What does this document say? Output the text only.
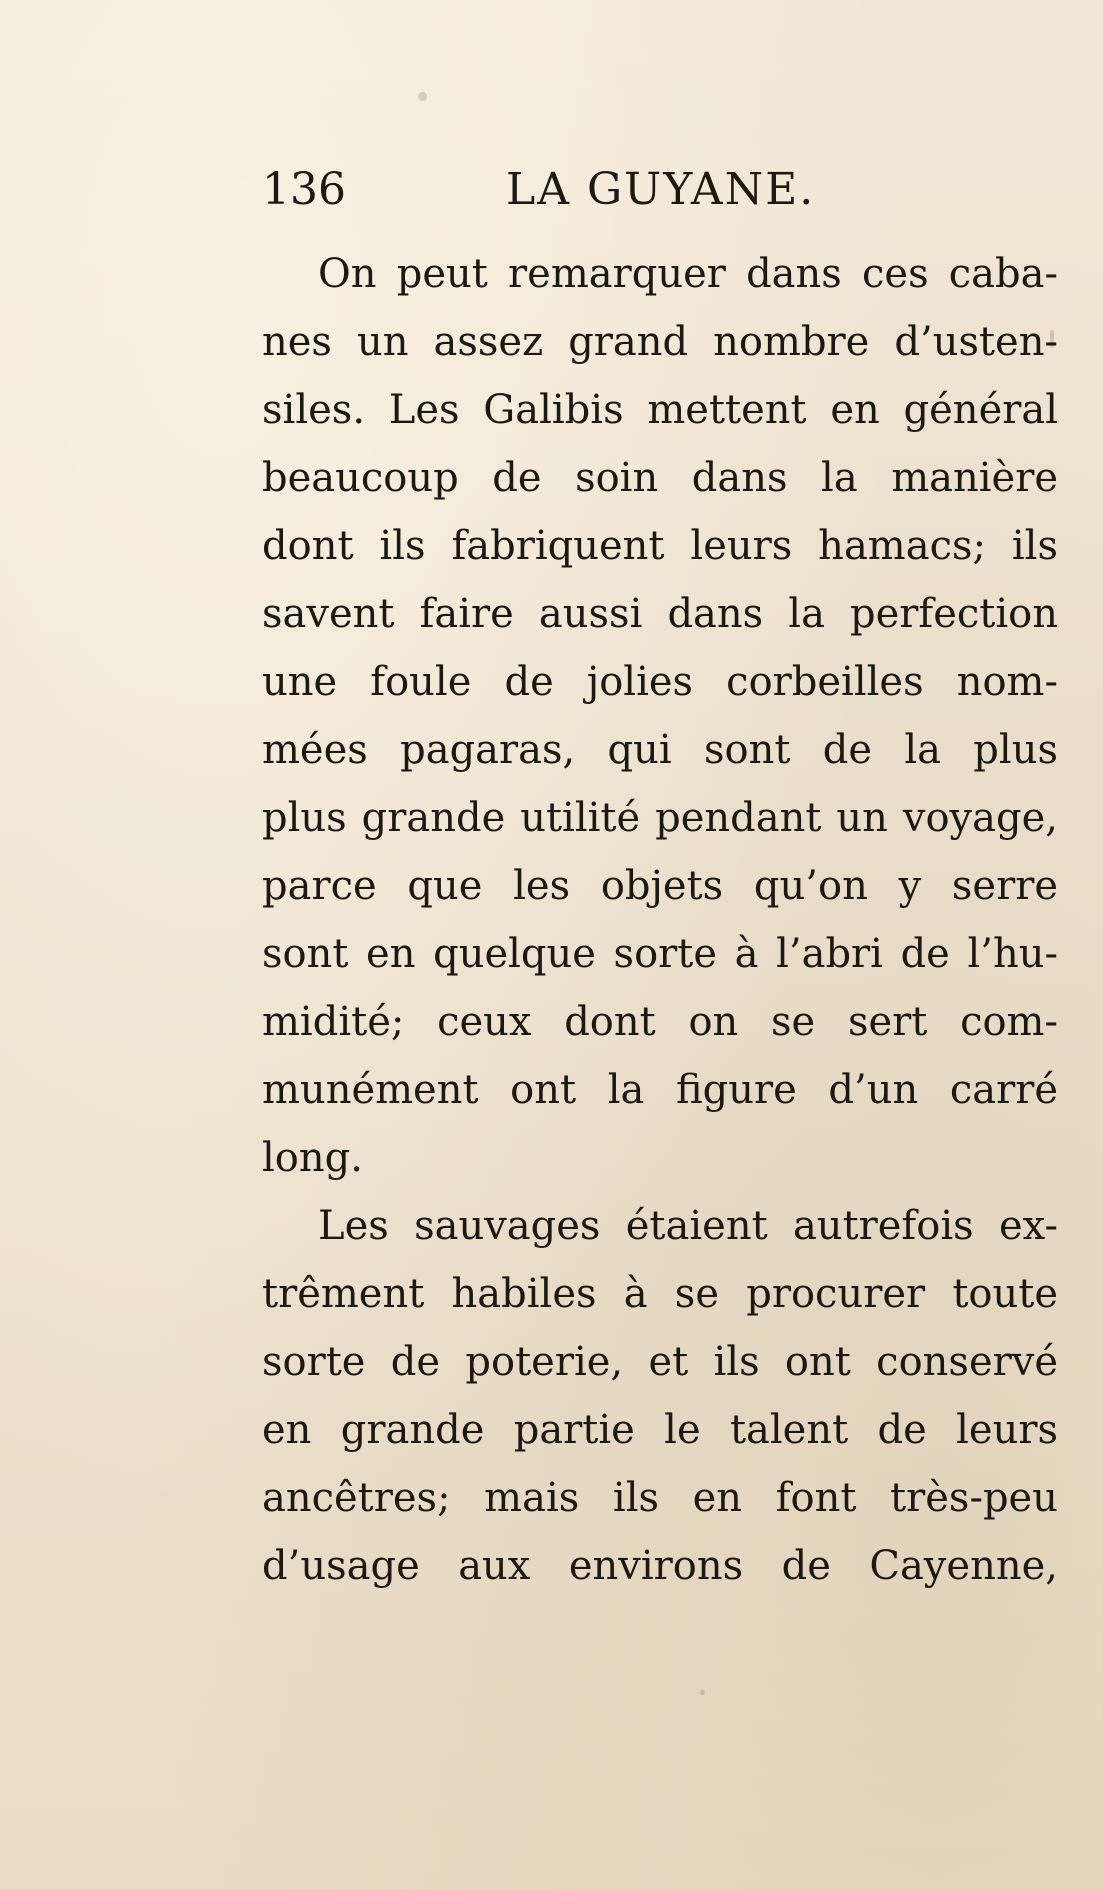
136	LA GUYANE.
On peut remarquer dans ces caba-
nes un assez grand nombre d’usten-
siles. Les Galibis mettent en général
beaucoup de soin dans la manière
dont ils fabriquent leurs hamacs; ils
savent faire aussi dans la perfection
une foule de jolies corbeilles nom-
mées pagaras, qui sont de la plus
plus grande utilité pendant un voyage,
parce que les objets qu’on y serre
sont en quelque sorte à l’abri de l’hu-
midité; ceux dont on se sert com-
munément ont la figure d’un carré
long.
Les sauvages étaient autrefois ex-
trêment habiles à se procurer toute
sorte de poterie, et ils ont conservé
en grande partie le talent de leurs
ancêtres; mais ils en font très-peu
d’usage aux environs de Cayenne,
